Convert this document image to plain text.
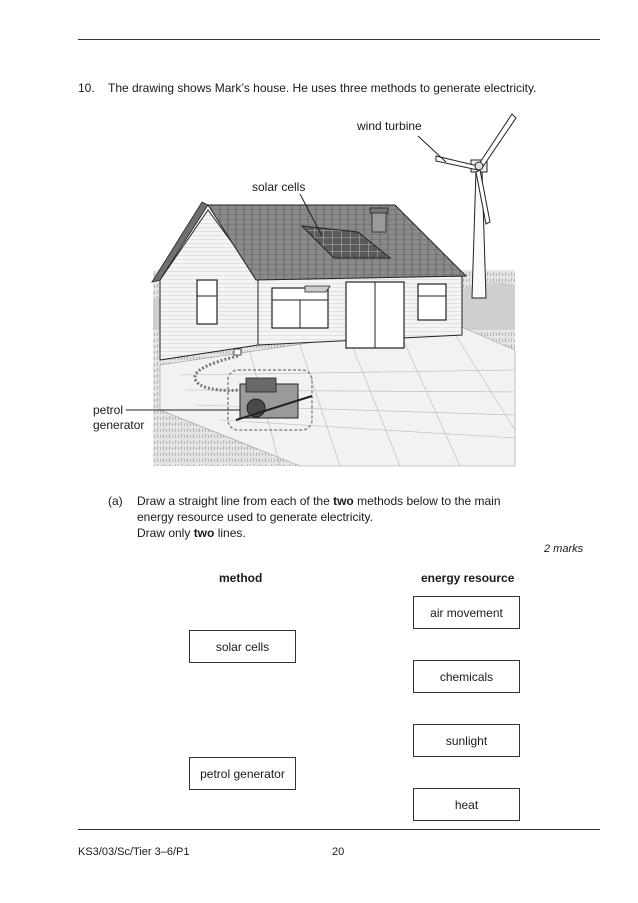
10. The drawing shows Mark’s house. He uses three methods to generate electricity.
wind turbine
solar cells
petrol
generator
(a) Draw a straight line from each of the two methods below to the main
energy resource used to generate electricity.
Draw only two lines.
2 marks
method	energy resource
solar cells
petrol generator
air movement
chemicals
sunlight
heat
KS3/03/Sc/Tier 3–6/P1	20
